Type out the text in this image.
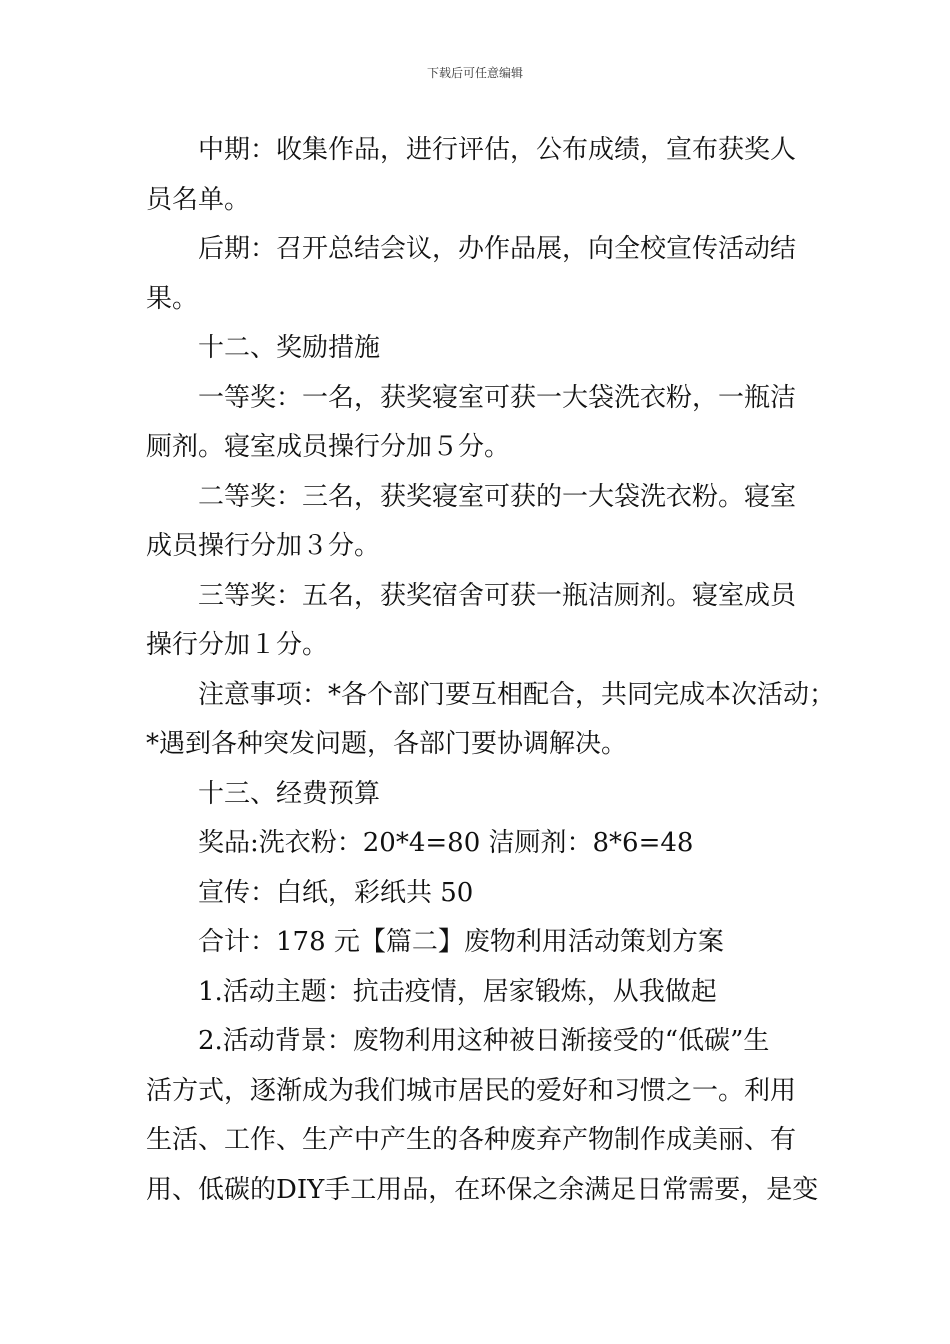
下载后可任意编辑

中期：收集作品，进行评估，公布成绩，宣布获奖人
员名单。

后期：召开总结会议，办作品展，向全校宣传活动结
果。

十二、奖励措施

一等奖：一名，获奖寝室可获一大袋洗衣粉，一瓶洁
厕剂。寝室成员操行分加５分。

二等奖：三名，获奖寝室可获的一大袋洗衣粉。寝室
成员操行分加３分。

三等奖：五名，获奖宿舍可获一瓶洁厕剂。寝室成员
操行分加１分。

注意事项：*各个部门要互相配合，共同完成本次活动；
*遇到各种突发问题，各部门要协调解决。

十三、经费预算

奖品:洗衣粉：20*4=80 洁厕剂：8*6=48

宣传：白纸，彩纸共 50

合计：178 元【篇二】废物利用活动策划方案

1.活动主题：抗击疫情，居家锻炼，从我做起

2.活动背景：废物利用这种被日渐接受的“低碳”生
活方式，逐渐成为我们城市居民的爱好和习惯之一。利用
生活、工作、生产中产生的各种废弃产物制作成美丽、有
用、低碳的DIY手工用品，在环保之余满足日常需要，是变
